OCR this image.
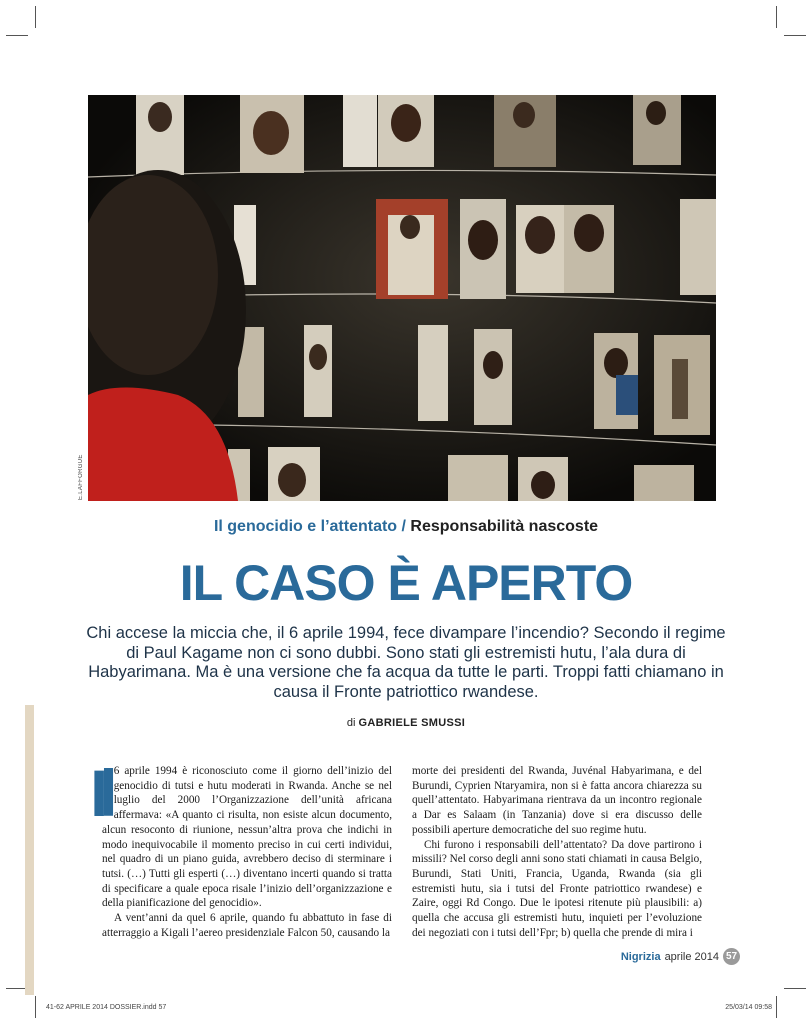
E.LAFFORGUE
Il genocidio e l’attentato / Responsabilità nascoste
IL CASO È APERTO
Chi accese la miccia che, il 6 aprile 1994, fece divampare l’incendio? Secondo il regime di Paul Kagame non ci sono dubbi. Sono stati gli estremisti hutu, l’ala dura di Habyarimana. Ma è una versione che fa acqua da tutte le parti. Troppi fatti chiamano in causa il Fronte patriottico rwandese.
di GABRIELE SMUSSI

Il 6 aprile 1994 è riconosciuto come il giorno dell’inizio del genocidio di tutsi e hutu moderati in Rwanda. Anche se nel luglio del 2000 l’Organizzazione dell’unità africana affermava: «A quanto ci risulta, non esiste alcun documento, alcun resoconto di riunione, nessun’altra prova che indichi in modo inequivocabile il momento preciso in cui certi individui, nel quadro di un piano guida, avrebbero deciso di sterminare i tutsi. (…) Tutti gli esperti (…) diventano incerti quando si tratta di specificare a quale epoca risale l’inizio dell’organizzazione e della pianificazione del genocidio».

A vent’anni da quel 6 aprile, quando fu abbattuto in fase di atterraggio a Kigali l’aereo presidenziale Falcon 50, causando la

morte dei presidenti del Rwanda, Juvénal Habyarimana, e del Burundi, Cyprien Ntaryamira, non si è fatta ancora chiarezza su quell’attentato. Habyarimana rientrava da un incontro regionale a Dar es Salaam (in Tanzania) dove si era discusso delle possibili aperture democratiche del suo regime hutu.

Chi furono i responsabili dell’attentato? Da dove partirono i missili? Nel corso degli anni sono stati chiamati in causa Belgio, Burundi, Stati Uniti, Francia, Uganda, Rwanda (sia gli estremisti hutu, sia i tutsi del Fronte patriottico rwandese) e Zaire, oggi Rd Congo. Due le ipotesi ritenute più plausibili: a) quella che accusa gli estremisti hutu, inquieti per l’evoluzione dei negoziati con i tutsi dell’Fpr; b) quella che prende di mira i

Nigrizia aprile 2014 57
41-62 APRILE 2014 DOSSIER.indd 57	25/03/14 09:58
